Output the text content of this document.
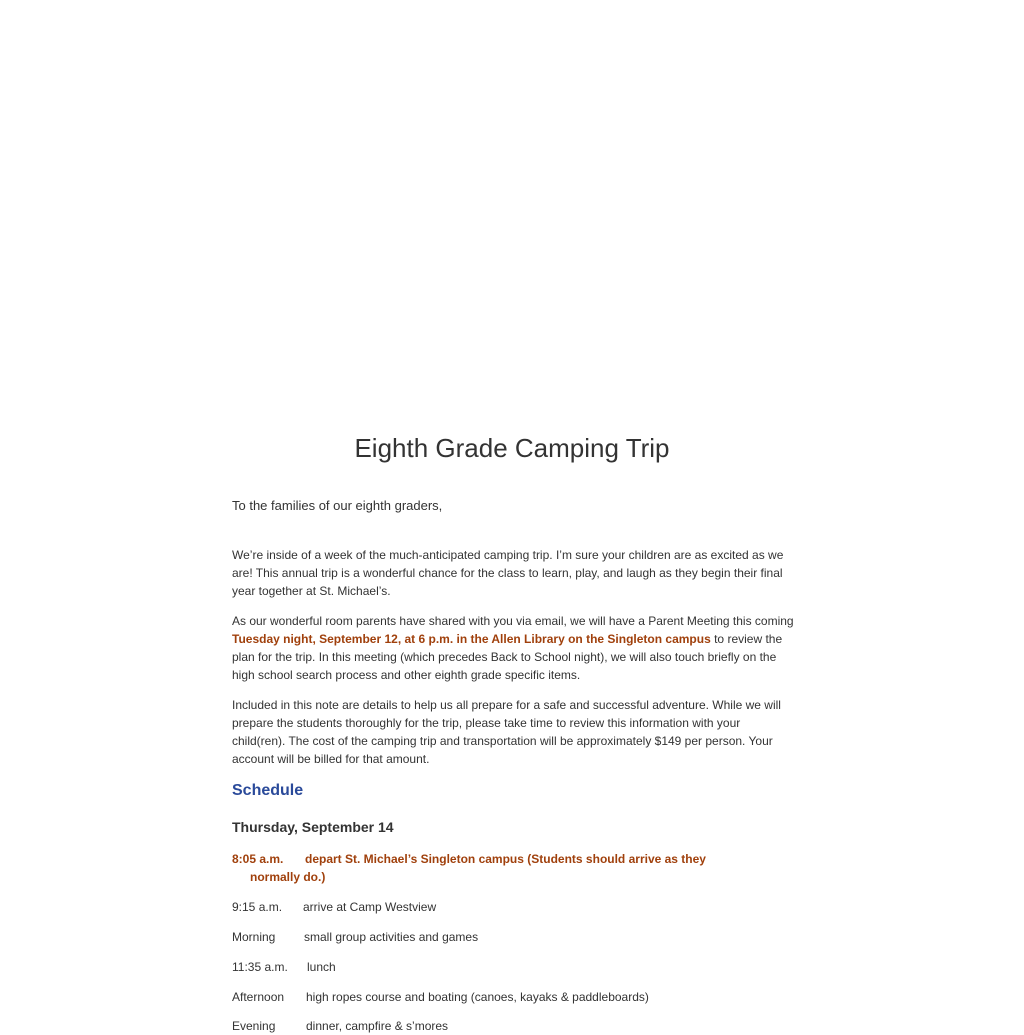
Eighth Grade Camping Trip

To the families of our eighth graders,

We’re inside of a week of the much-anticipated camping trip. I’m sure your children are as excited as we are! This annual trip is a wonderful chance for the class to learn, play, and laugh as they begin their final year together at St. Michael’s.

As our wonderful room parents have shared with you via email, we will have a Parent Meeting this coming Tuesday night, September 12, at 6 p.m. in the Allen Library on the Singleton campus to review the plan for the trip. In this meeting (which precedes Back to School night), we will also touch briefly on the high school search process and other eighth grade specific items.

Included in this note are details to help us all prepare for a safe and successful adventure. While we will prepare the students thoroughly for the trip, please take time to review this information with your child(ren). The cost of the camping trip and transportation will be approximately $149 per person. Your account will be billed for that amount.

Schedule
Thursday, September 14

8:05 a.m. depart St. Michael’s Singleton campus (Students should arrive as they
normally do.)

9:15 a.m. arrive at Camp Westview

Morning small group activities and games

11:35 a.m. lunch

Afternoon high ropes course and boating (canoes, kayaks & paddleboards)

Evening	dinner, campfire & s’mores
